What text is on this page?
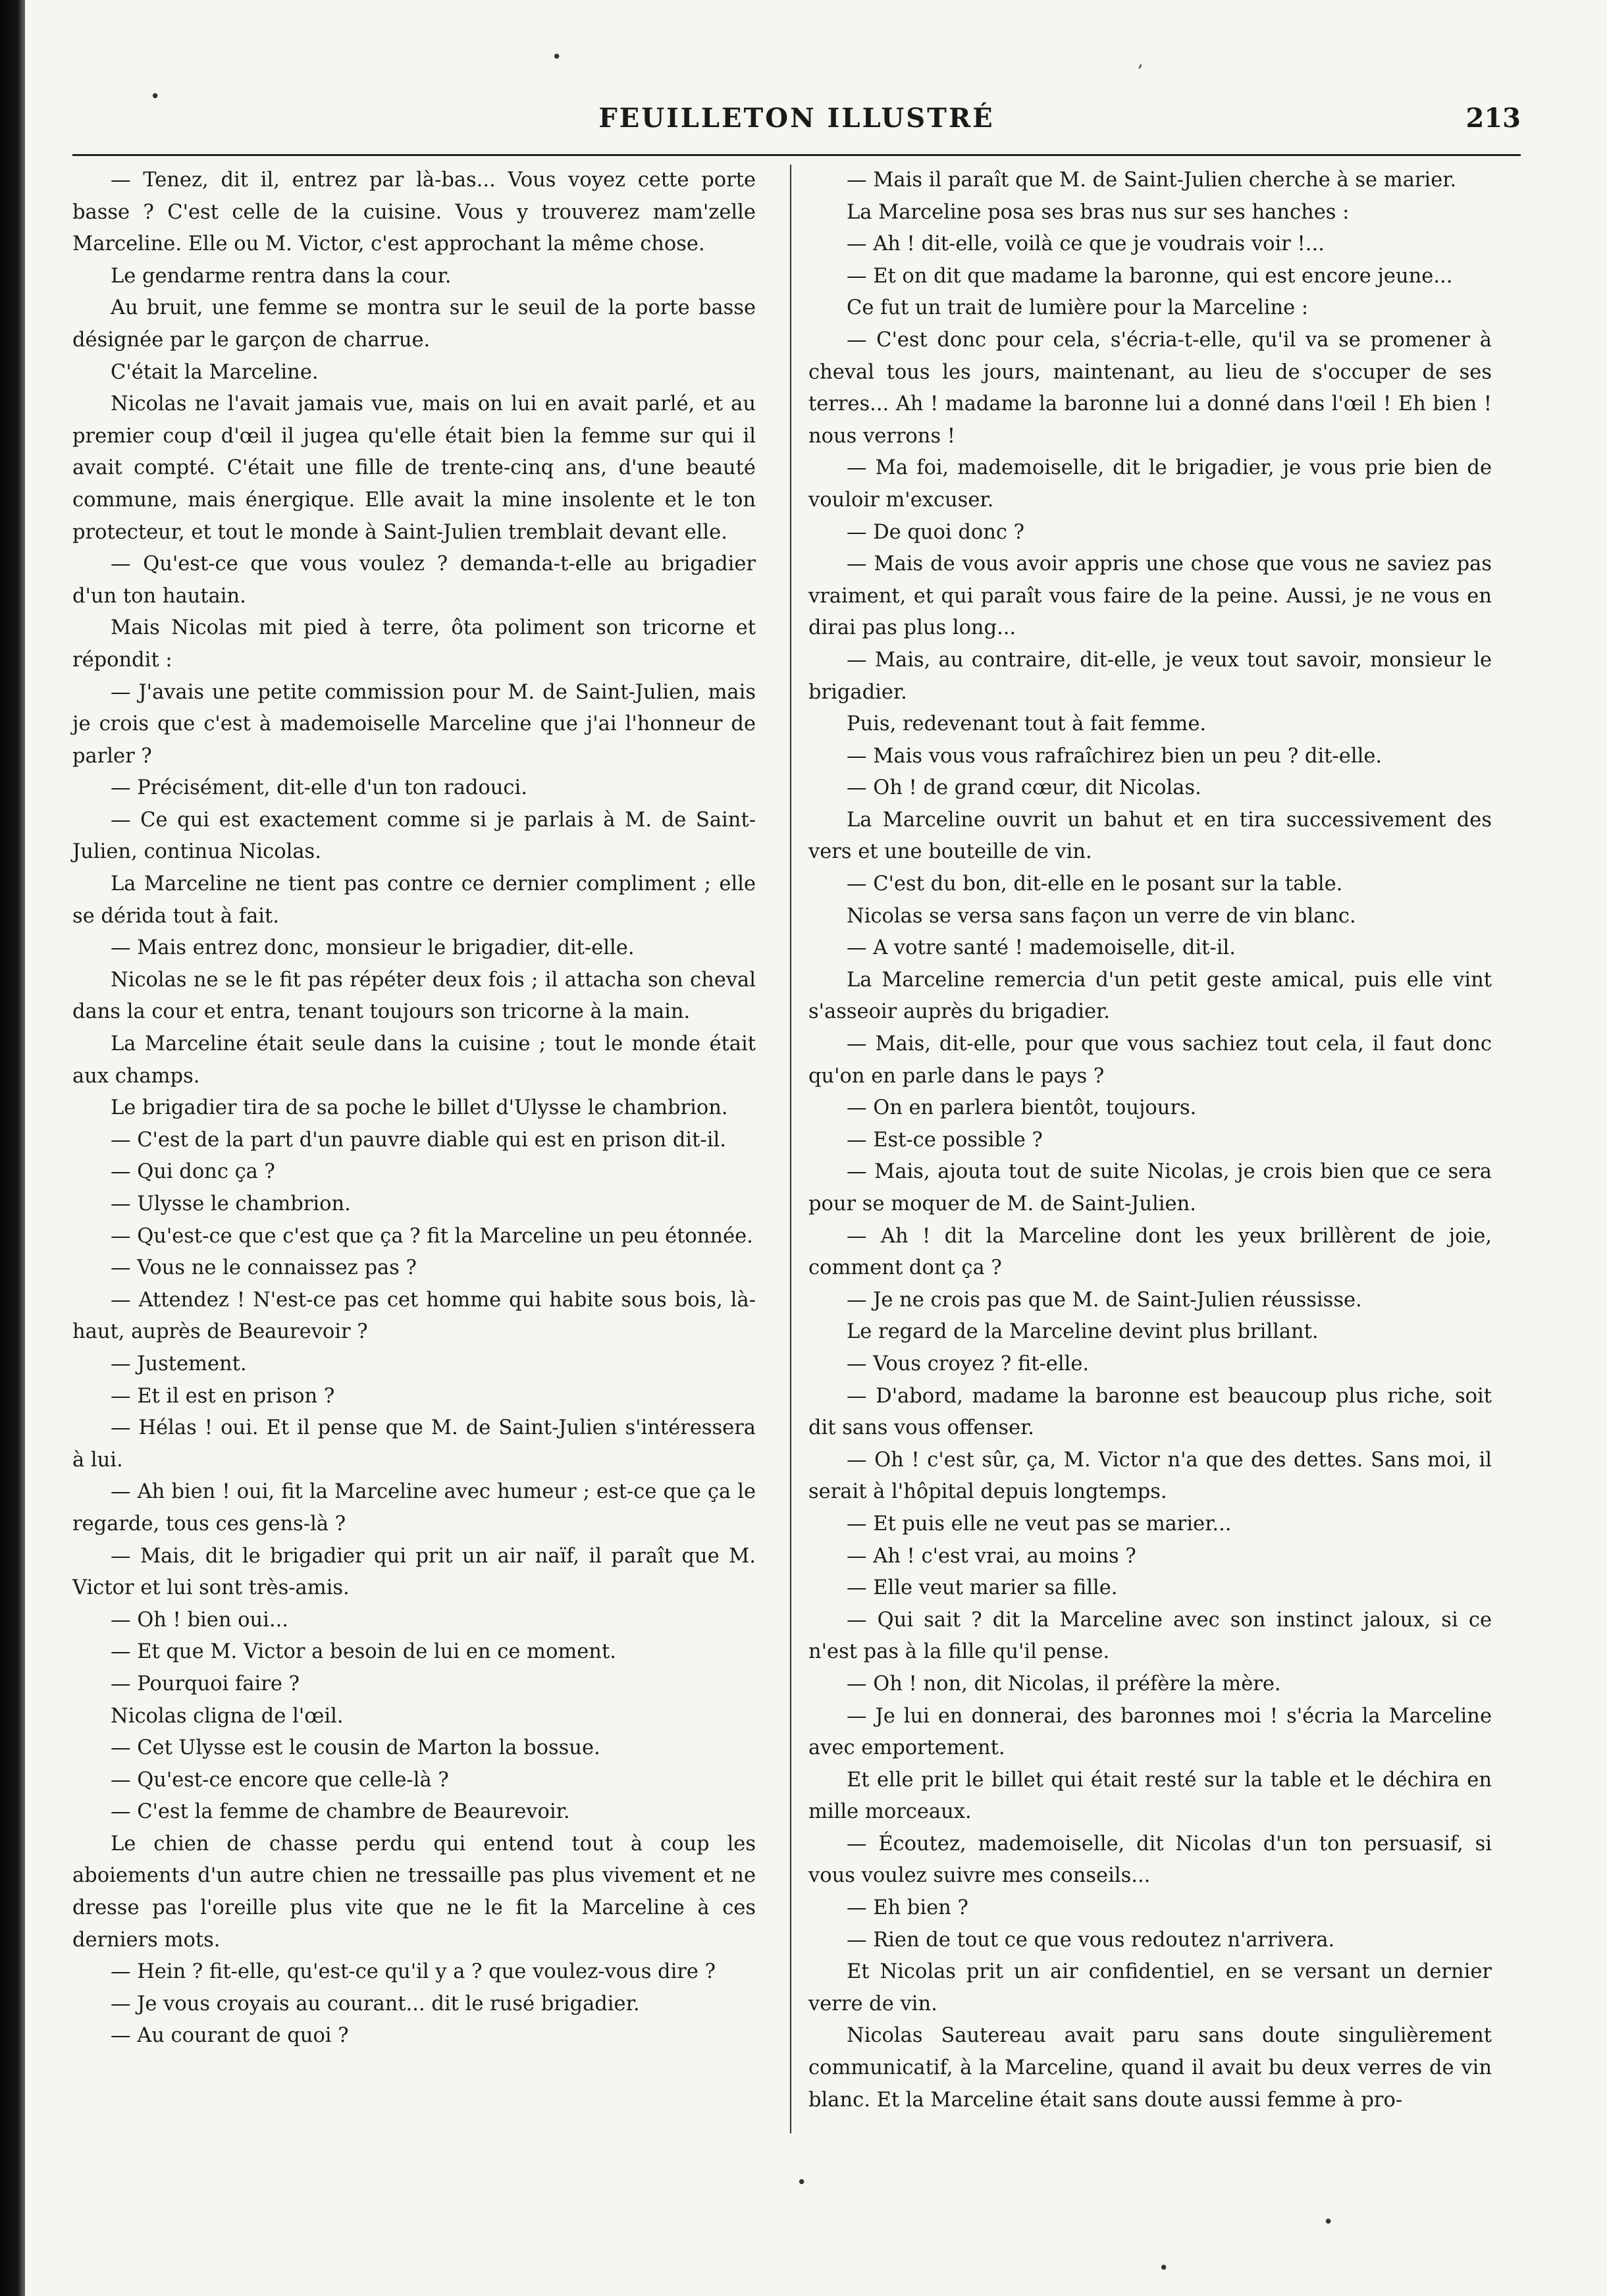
FEUILLETON ILLUSTRÉ	213

— Tenez, dit il, entrez par là-bas... Vous voyez cette porte basse ? C'est celle de la cuisine. Vous y trouverez mam'zelle Marceline. Elle ou M. Victor, c'est approchant la même chose.

Le gendarme rentra dans la cour.

Au bruit, une femme se montra sur le seuil de la porte basse désignée par le garçon de charrue.

C'était la Marceline.

Nicolas ne l'avait jamais vue, mais on lui en avait parlé, et au premier coup d'œil il jugea qu'elle était bien la femme sur qui il avait compté. C'était une fille de trente-cinq ans, d'une beauté commune, mais énergique. Elle avait la mine insolente et le ton protecteur, et tout le monde à Saint-Julien tremblait devant elle.

— Qu'est-ce que vous voulez ? demanda-t-elle au brigadier d'un ton hautain.

Mais Nicolas mit pied à terre, ôta poliment son tricorne et répondit :

— J'avais une petite commission pour M. de Saint-Julien, mais je crois que c'est à mademoiselle Marceline que j'ai l'honneur de parler ?

— Précisément, dit-elle d'un ton radouci.

— Ce qui est exactement comme si je parlais à M. de Saint-Julien, continua Nicolas.

La Marceline ne tient pas contre ce dernier compliment ; elle se dérida tout à fait.

— Mais entrez donc, monsieur le brigadier, dit-elle.

Nicolas ne se le fit pas répéter deux fois ; il attacha son cheval dans la cour et entra, tenant toujours son tricorne à la main.

La Marceline était seule dans la cuisine ; tout le monde était aux champs.

Le brigadier tira de sa poche le billet d'Ulysse le chambrion.

— C'est de la part d'un pauvre diable qui est en prison dit-il.

— Qui donc ça ?

— Ulysse le chambrion.

— Qu'est-ce que c'est que ça ? fit la Marceline un peu étonnée.

— Vous ne le connaissez pas ?

— Attendez ! N'est-ce pas cet homme qui habite sous bois, là-haut, auprès de Beaurevoir ?

— Justement.

— Et il est en prison ?

— Hélas ! oui. Et il pense que M. de Saint-Julien s'intéressera à lui.

— Ah bien ! oui, fit la Marceline avec humeur ; est-ce que ça le regarde, tous ces gens-là ?

— Mais, dit le brigadier qui prit un air naïf, il paraît que M. Victor et lui sont très-amis.

— Oh ! bien oui...

— Et que M. Victor a besoin de lui en ce moment.

— Pourquoi faire ?

Nicolas cligna de l'œil.

— Cet Ulysse est le cousin de Marton la bossue.

— Qu'est-ce encore que celle-là ?

— C'est la femme de chambre de Beaurevoir.

Le chien de chasse perdu qui entend tout à coup les aboiements d'un autre chien ne tressaille pas plus vivement et ne dresse pas l'oreille plus vite que ne le fit la Marceline à ces derniers mots.

— Hein ? fit-elle, qu'est-ce qu'il y a ? que voulez-vous dire ?

— Je vous croyais au courant... dit le rusé brigadier.

— Au courant de quoi ?

— Mais il paraît que M. de Saint-Julien cherche à se marier.

La Marceline posa ses bras nus sur ses hanches :

— Ah ! dit-elle, voilà ce que je voudrais voir !...

— Et on dit que madame la baronne, qui est encore jeune...

Ce fut un trait de lumière pour la Marceline :

— C'est donc pour cela, s'écria-t-elle, qu'il va se promener à cheval tous les jours, maintenant, au lieu de s'occuper de ses terres... Ah ! madame la baronne lui a donné dans l'œil ! Eh bien ! nous verrons !

— Ma foi, mademoiselle, dit le brigadier, je vous prie bien de vouloir m'excuser.

— De quoi donc ?

— Mais de vous avoir appris une chose que vous ne saviez pas vraiment, et qui paraît vous faire de la peine. Aussi, je ne vous en dirai pas plus long...

— Mais, au contraire, dit-elle, je veux tout savoir, monsieur le brigadier.

Puis, redevenant tout à fait femme.

— Mais vous vous rafraîchirez bien un peu ? dit-elle.

— Oh ! de grand cœur, dit Nicolas.

La Marceline ouvrit un bahut et en tira successivement des vers et une bouteille de vin.

— C'est du bon, dit-elle en le posant sur la table.

Nicolas se versa sans façon un verre de vin blanc.

— A votre santé ! mademoiselle, dit-il.

La Marceline remercia d'un petit geste amical, puis elle vint s'asseoir auprès du brigadier.

— Mais, dit-elle, pour que vous sachiez tout cela, il faut donc qu'on en parle dans le pays ?

— On en parlera bientôt, toujours.

— Est-ce possible ?

— Mais, ajouta tout de suite Nicolas, je crois bien que ce sera pour se moquer de M. de Saint-Julien.

— Ah ! dit la Marceline dont les yeux brillèrent de joie, comment dont ça ?

— Je ne crois pas que M. de Saint-Julien réussisse.

Le regard de la Marceline devint plus brillant.

— Vous croyez ? fit-elle.

— D'abord, madame la baronne est beaucoup plus riche, soit dit sans vous offenser.

— Oh ! c'est sûr, ça, M. Victor n'a que des dettes. Sans moi, il serait à l'hôpital depuis longtemps.

— Et puis elle ne veut pas se marier...

— Ah ! c'est vrai, au moins ?

— Elle veut marier sa fille.

— Qui sait ? dit la Marceline avec son instinct jaloux, si ce n'est pas à la fille qu'il pense.

— Oh ! non, dit Nicolas, il préfère la mère.

— Je lui en donnerai, des baronnes moi ! s'écria la Marceline avec emportement.

Et elle prit le billet qui était resté sur la table et le déchira en mille morceaux.

— Écoutez, mademoiselle, dit Nicolas d'un ton persuasif, si vous voulez suivre mes conseils...

— Eh bien ?

— Rien de tout ce que vous redoutez n'arrivera.

Et Nicolas prit un air confidentiel, en se versant un dernier verre de vin.

Nicolas Sautereau avait paru sans doute singulièrement communicatif, à la Marceline, quand il avait bu deux verres de vin blanc. Et la Marceline était sans doute aussi femme à pro-

•
•
‚
•
•
•
